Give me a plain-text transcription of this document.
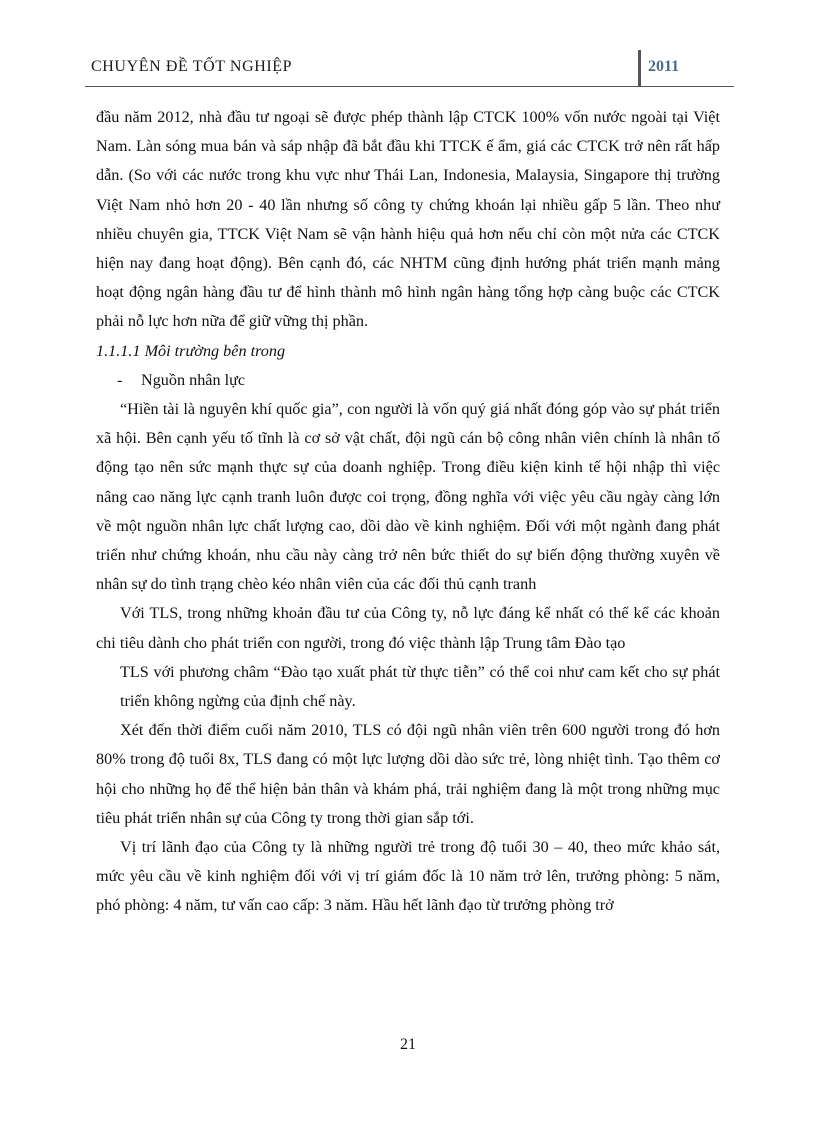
CHUYÊN ĐỀ TỐT NGHIỆP	2011

đầu năm 2012, nhà đầu tư ngoại sẽ được phép thành lập CTCK 100% vốn nước ngoài tại Việt Nam. Làn sóng mua bán và sáp nhập đã bắt đầu khi TTCK ế ẩm, giá các CTCK trở nên rất hấp dẫn. (So với các nước trong khu vực như Thái Lan, Indonesia, Malaysia, Singapore thị trường Việt Nam nhỏ hơn 20 - 40 lần nhưng số công ty chứng khoán lại nhiều gấp 5 lần. Theo như nhiều chuyên gia, TTCK Việt Nam sẽ vận hành hiệu quả hơn nếu chỉ còn một nửa các CTCK hiện nay đang hoạt động). Bên cạnh đó, các NHTM cũng định hướng phát triển mạnh mảng hoạt động ngân hàng đầu tư để hình thành mô hình ngân hàng tổng hợp càng buộc các CTCK phải nỗ lực hơn nữa để giữ vững thị phần.

1.1.1.1 Môi trường bên trong

- Nguồn nhân lực

“Hiền tài là nguyên khí quốc gia”, con người là vốn quý giá nhất đóng góp vào sự phát triển xã hội. Bên cạnh yếu tố tĩnh là cơ sở vật chất, đội ngũ cán bộ công nhân viên chính là nhân tố động tạo nên sức mạnh thực sự của doanh nghiệp. Trong điều kiện kinh tế hội nhập thì việc nâng cao năng lực cạnh tranh luôn được coi trọng, đồng nghĩa với việc yêu cầu ngày càng lớn về một nguồn nhân lực chất lượng cao, dồi dào về kinh nghiệm. Đối với một ngành đang phát triển như chứng khoán, nhu cầu này càng trở nên bức thiết do sự biến động thường xuyên về nhân sự do tình trạng chèo kéo nhân viên của các đối thủ cạnh tranh

Với TLS, trong những khoản đầu tư của Công ty, nỗ lực đáng kể nhất có thể kể các khoản chi tiêu dành cho phát triển con người, trong đó việc thành lập Trung tâm Đào tạo

TLS với phương châm “Đào tạo xuất phát từ thực tiễn” có thể coi như cam kết cho sự phát triển không ngừng của định chế này.

Xét đến thời điểm cuối năm 2010, TLS có đội ngũ nhân viên trên 600 người trong đó hơn 80% trong độ tuổi 8x, TLS đang có một lực lượng dồi dào sức trẻ, lòng nhiệt tình. Tạo thêm cơ hội cho những họ để thể hiện bản thân và khám phá, trải nghiệm đang là một trong những mục tiêu phát triển nhân sự của Công ty trong thời gian sắp tới.

Vị trí lãnh đạo của Công ty là những người trẻ trong độ tuổi 30 – 40, theo mức khảo sát, mức yêu cầu về kinh nghiệm đối với vị trí giám đốc là 10 năm trở lên, trưởng phòng: 5 năm, phó phòng: 4 năm, tư vấn cao cấp: 3 năm. Hầu hết lãnh đạo từ trưởng phòng trở

21
